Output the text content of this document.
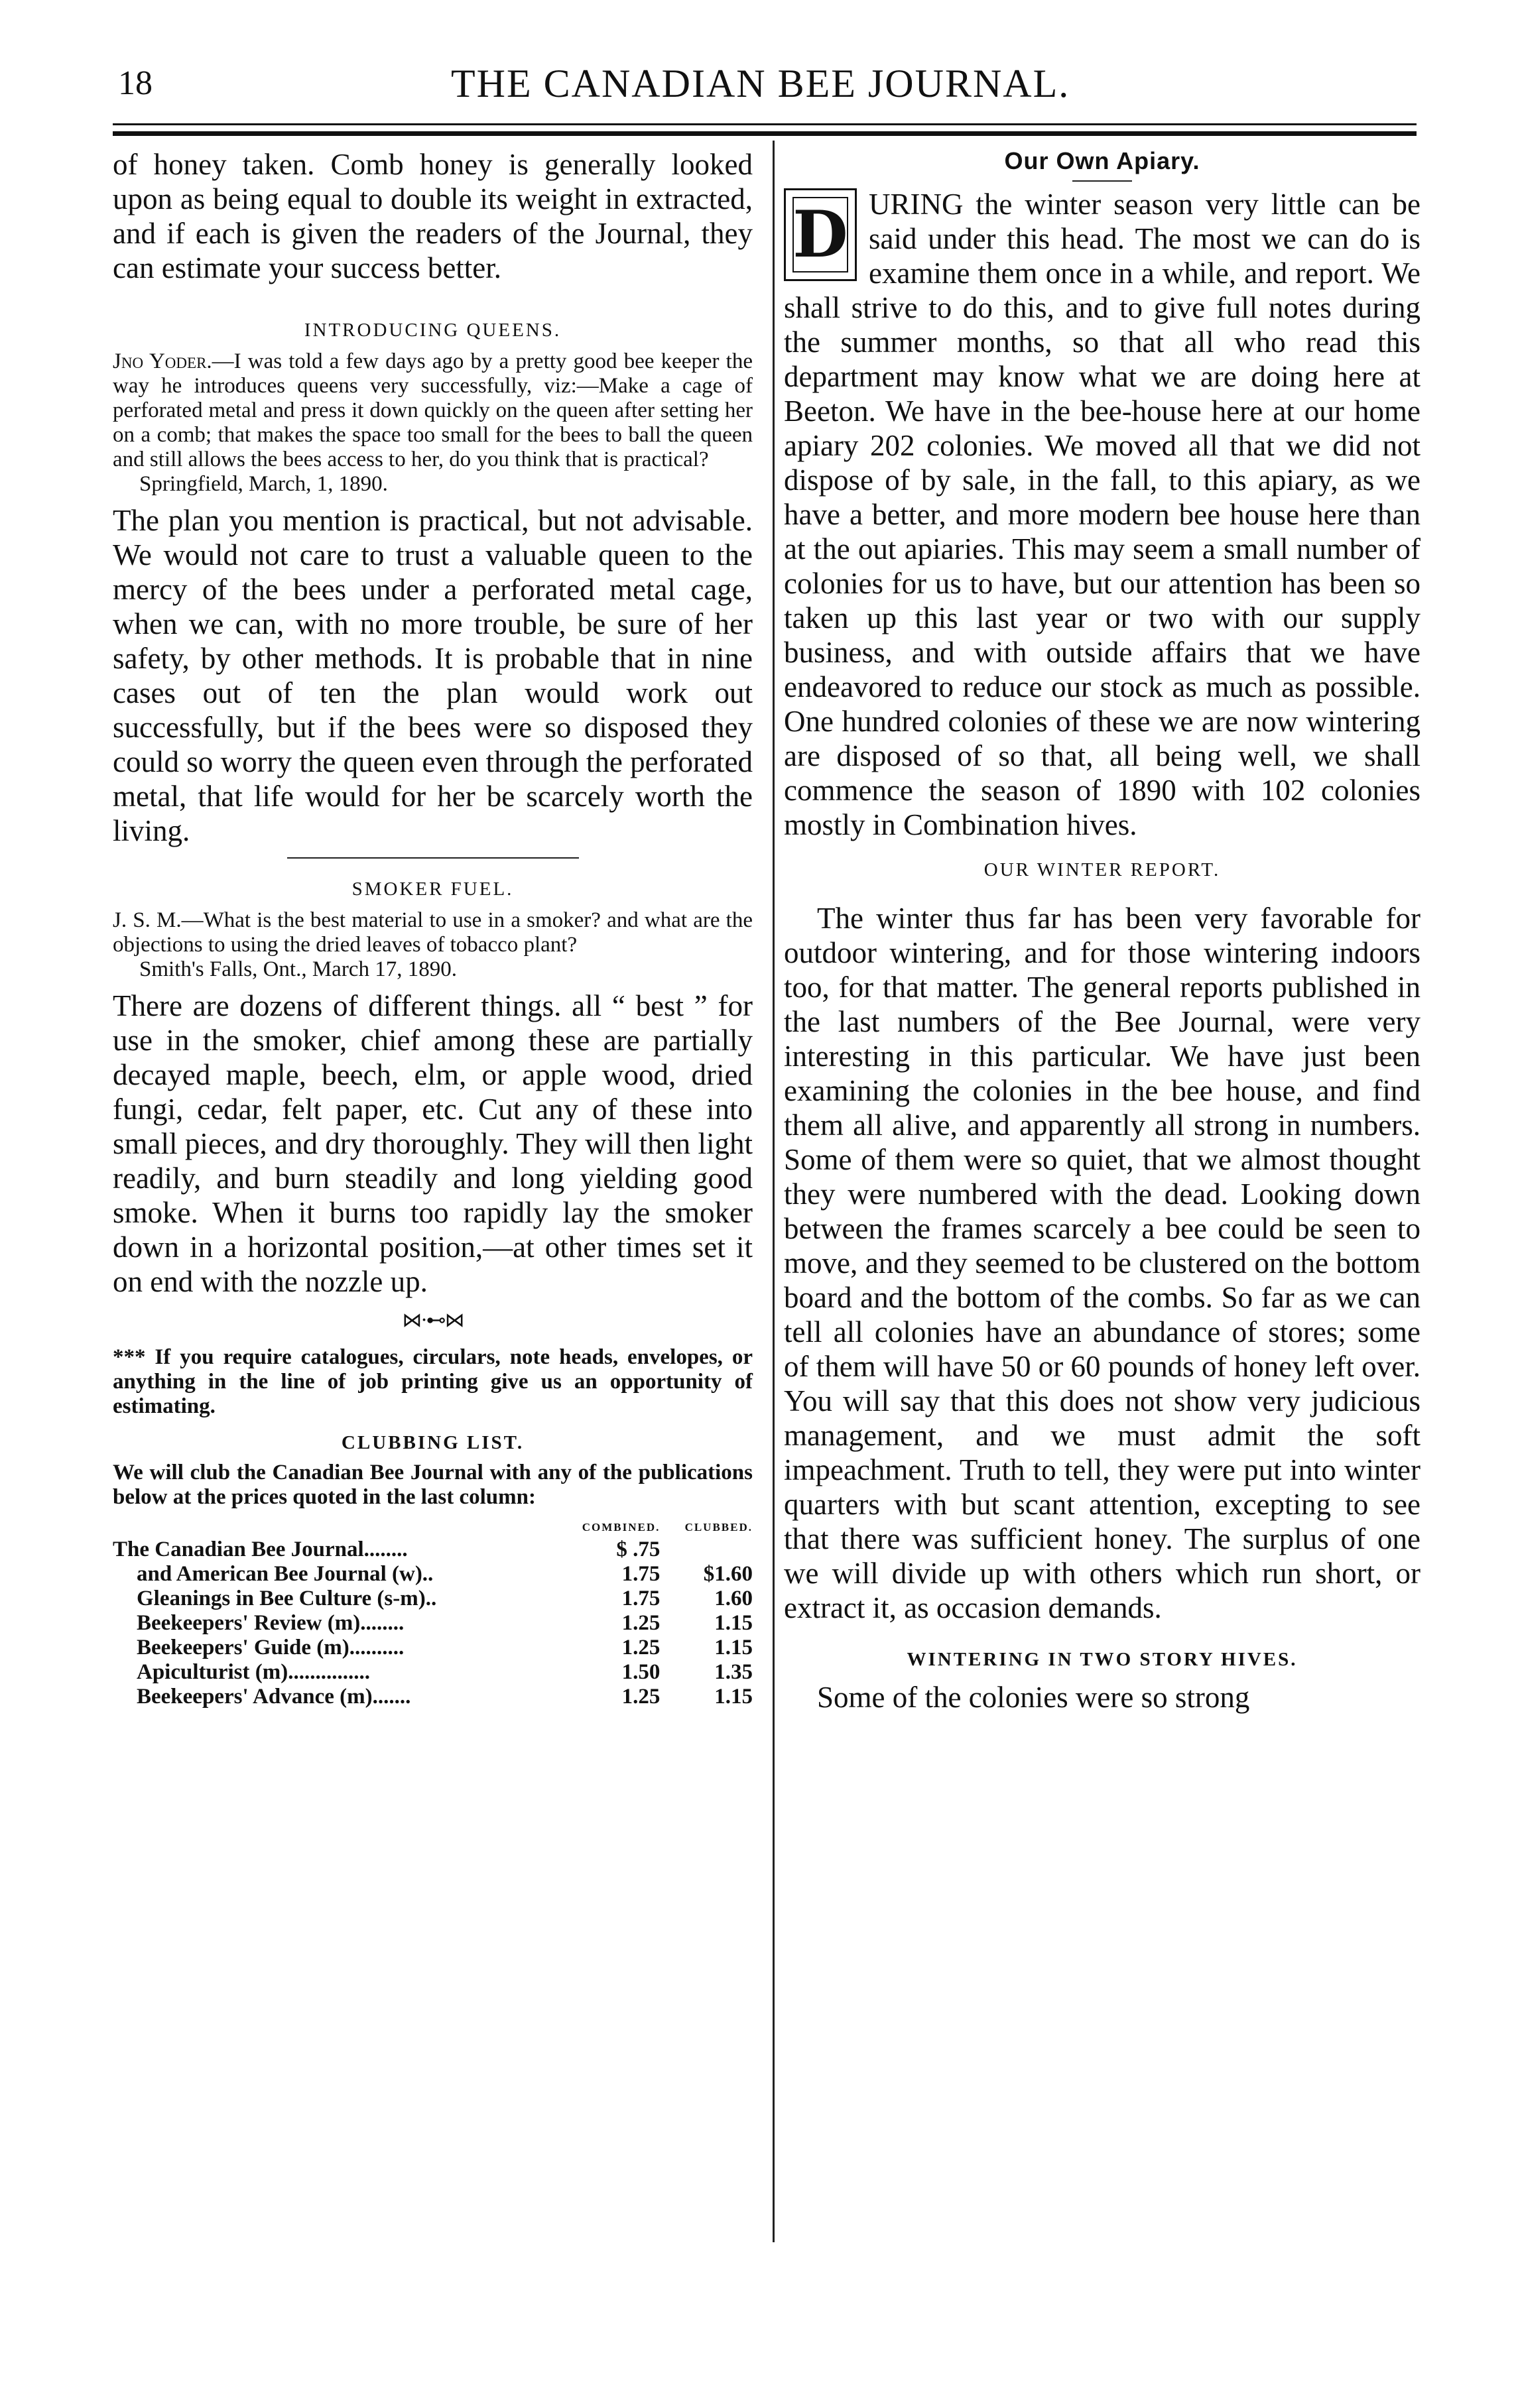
18	THE CANADIAN BEE JOURNAL.

of honey taken. Comb honey is generally looked upon as being equal to double its weight in extracted, and if each is given the readers of the Journal, they can estimate your success better.

INTRODUCING QUEENS.

Jno Yoder.—I was told a few days ago by a pretty good bee keeper the way he introduces queens very successfully, viz:—Make a cage of perforated metal and press it down quickly on the queen after setting her on a comb; that makes the space too small for the bees to ball the queen and still allows the bees access to her, do you think that is practical?

Springfield, March, 1, 1890.

The plan you mention is practical, but not advisable. We would not care to trust a valuable queen to the mercy of the bees under a perforated metal cage, when we can, with no more trouble, be sure of her safety, by other methods. It is probable that in nine cases out of ten the plan would work out successfully, but if the bees were so disposed they could so worry the queen even through the perforated metal, that life would for her be scarcely worth the living.

SMOKER FUEL.

J. S. M.—What is the best material to use in a smoker? and what are the objections to using the dried leaves of tobacco plant?

Smith's Falls, Ont., March 17, 1890.

There are dozens of different things. all “ best ” for use in the smoker, chief among these are partially decayed maple, beech, elm, or apple wood, dried fungi, cedar, felt paper, etc. Cut any of these into small pieces, and dry thoroughly. They will then light readily, and burn steadily and long yielding good smoke. When it burns too rapidly lay the smoker down in a horizontal position,—at other times set it on end with the nozzle up.

⋈⋅⊷⋈

*** If you require catalogues, circulars, note heads, envelopes, or anything in the line of job printing give us an opportunity of estimating.

CLUBBING LIST.

We will club the Canadian Bee Journal with any of the publications below at the prices quoted in the last column:

	COMBINED.	CLUBBED.
The Canadian Bee Journal........	$ .75	
and American Bee Journal (w)..	1.75	$1.60
Gleanings in Bee Culture (s-m)..	1.75	1.60
Beekeepers' Review (m)........	1.25	1.15
Beekeepers' Guide (m)..........	1.25	1.15
Apiculturist (m)...............	1.50	1.35
Beekeepers' Advance (m).......	1.25	1.15

Our Own Apiary.

D URING the winter season very little can be said under this head. The most we can do is examine them once in a while, and report. We shall strive to do this, and to give full notes during the summer months, so that all who read this department may know what we are doing here at Beeton. We have in the bee-house here at our home apiary 202 colonies. We moved all that we did not dispose of by sale, in the fall, to this apiary, as we have a better, and more modern bee house here than at the out apiaries. This may seem a small number of colonies for us to have, but our attention has been so taken up this last year or two with our supply business, and with outside affairs that we have endeavored to reduce our stock as much as possible. One hundred colonies of these we are now wintering are disposed of so that, all being well, we shall commence the season of 1890 with 102 colonies mostly in Combination hives.

OUR WINTER REPORT.

The winter thus far has been very favorable for outdoor wintering, and for those wintering indoors too, for that matter. The general reports published in the last numbers of the Bee Journal, were very interesting in this particular. We have just been examining the colonies in the bee house, and find them all alive, and apparently all strong in numbers. Some of them were so quiet, that we almost thought they were numbered with the dead. Looking down between the frames scarcely a bee could be seen to move, and they seemed to be clustered on the bottom board and the bottom of the combs. So far as we can tell all colonies have an abundance of stores; some of them will have 50 or 60 pounds of honey left over. You will say that this does not show very judicious management, and we must admit the soft impeachment. Truth to tell, they were put into winter quarters with but scant attention, excepting to see that there was sufficient honey. The surplus of one we will divide up with others which run short, or extract it, as occasion demands.

WINTERING IN TWO STORY HIVES.

Some of the colonies were so strong
